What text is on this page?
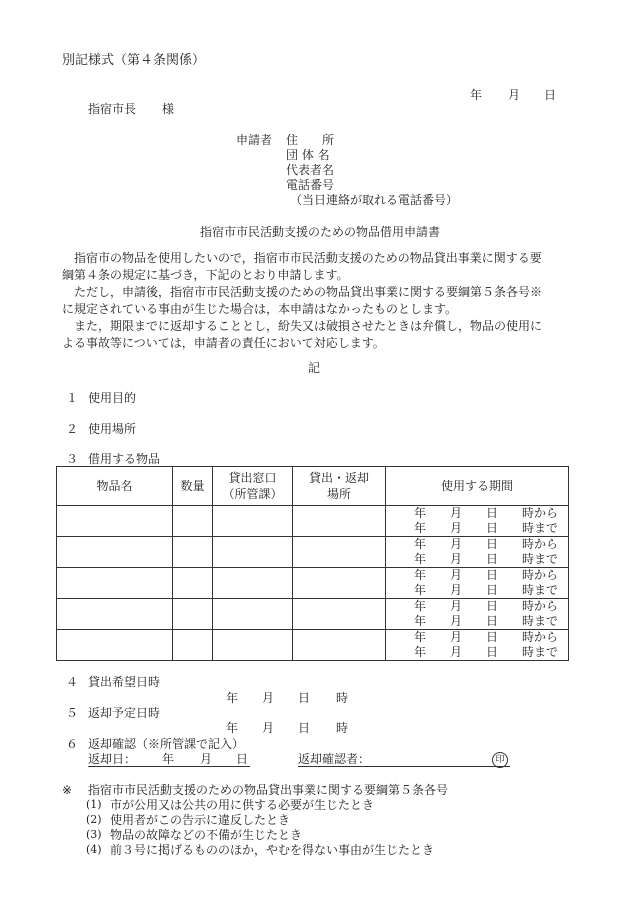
別記様式（第４条関係）
年 月 日
指宿市長 様
申請者 住　　所
団 体 名
代表者名
電話番号
（当日連絡が取れる電話番号）
指宿市市民活動支援のための物品借用申請書
　指宿市の物品を使用したいので，指宿市市民活動支援のための物品貸出事業に関する要
綱第４条の規定に基づき，下記のとおり申請します。
　ただし，申請後，指宿市市民活動支援のための物品貸出事業に関する要綱第５条各号※
に規定されている事由が生じた場合は，本申請はなかったものとします。
　また，期限までに返却することとし，紛失又は破損させたときは弁償し，物品の使用に
よる事故等については，申請者の責任において対応します。
記
１ 使用目的
２ 使用場所
３ 借用する物品
物品名	数量	貸出窓口（所管課）	貸出・返却場所	使用する期間

				年 月 日 時から
年 月 日 時まで

				年 月 日 時から
年 月 日 時まで

				年 月 日 時から
年 月 日 時まで

				年 月 日 時から
年 月 日 時まで

				年 月 日 時から
年 月 日 時まで
４ 貸出希望日時
年 月 日 時
５ 返却予定日時
年 月 日 時
６ 返却確認（※所管課で記入）
返却日： 年 月 日	返却確認者：	印
※ 指宿市市民活動支援のための物品貸出事業に関する要綱第５条各号
(1) 市が公用又は公共の用に供する必要が生じたとき
(2) 使用者がこの告示に違反したとき
(3) 物品の故障などの不備が生じたとき
(4) 前３号に掲げるもののほか，やむを得ない事由が生じたとき
